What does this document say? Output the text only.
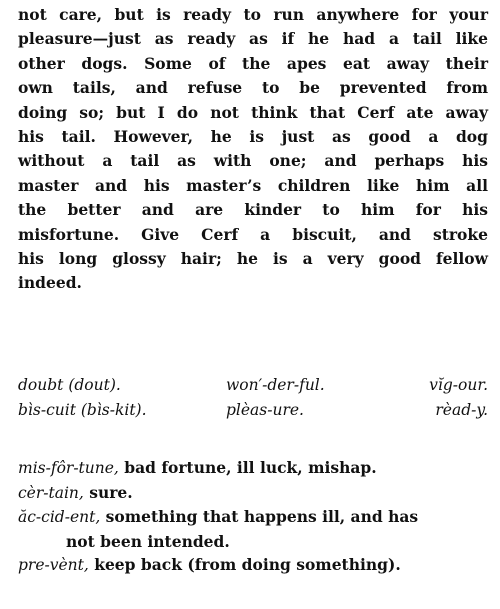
not care, but is ready to run anywhere for your
pleasure—just as ready as if he had a tail like
other dogs. Some of the apes eat away their
own tails, and refuse to be prevented from
doing so; but I do not think that Cerf ate away
his tail. However, he is just as good a dog
without a tail as with one; and perhaps his
master and his master’s children like him all
the better and are kinder to him for his
misfortune. Give Cerf a biscuit, and stroke
his long glossy hair; he is a very good fellow
indeed.
doubt (dout).	won′-der-ful.	vĭg-our.
bìs-cuit (bìs-kit).	plèas-ure.	rèad-y.
mis-fôr-tune, bad fortune, ill luck, mishap.
cèr-tain, sure.
ăc-cid-ent, something that happens ill, and has
not been intended.
pre-vènt, keep back (from doing something).
